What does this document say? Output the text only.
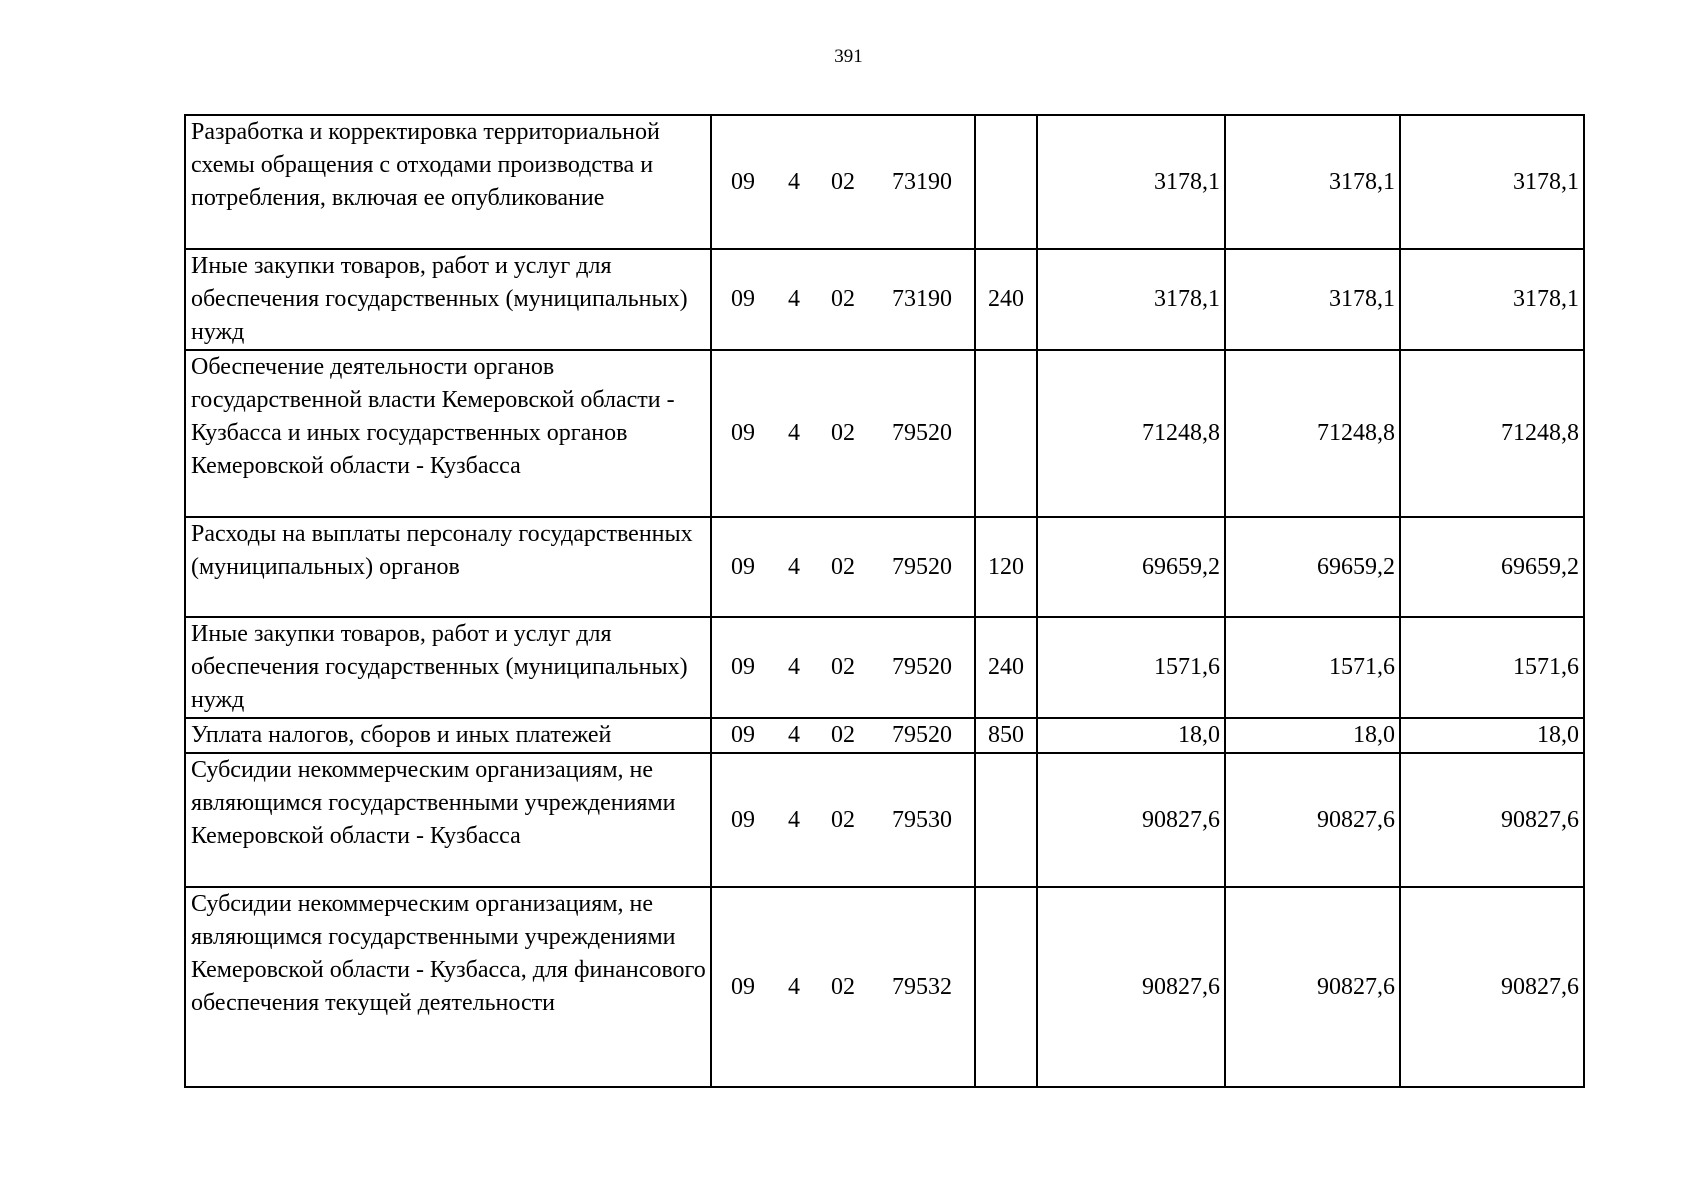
391
Разработка и корректировка территориальной схемы обращения с отходами производства и потребления, включая ее опубликование	09 4 02 73190		3178,1	3178,1	3178,1
Иные закупки товаров, работ и услуг для обеспечения государственных (муниципальных) нужд	09 4 02 73190	240	3178,1	3178,1	3178,1
Обеспечение деятельности органов государственной власти Кемеровской области - Кузбасса и иных государственных органов Кемеровской области - Кузбасса	09 4 02 79520		71248,8	71248,8	71248,8
Расходы на выплаты персоналу государственных (муниципальных) органов	09 4 02 79520	120	69659,2	69659,2	69659,2
Иные закупки товаров, работ и услуг для обеспечения государственных (муниципальных) нужд	09 4 02 79520	240	1571,6	1571,6	1571,6
Уплата налогов, сборов и иных платежей	09 4 02 79520	850	18,0	18,0	18,0
Субсидии некоммерческим организациям, не являющимся государственными учреждениями Кемеровской области - Кузбасса	09 4 02 79530		90827,6	90827,6	90827,6
Субсидии некоммерческим организациям, не являющимся государственными учреждениями Кемеровской области - Кузбасса, для финансового обеспечения текущей деятельности	09 4 02 79532		90827,6	90827,6	90827,6
